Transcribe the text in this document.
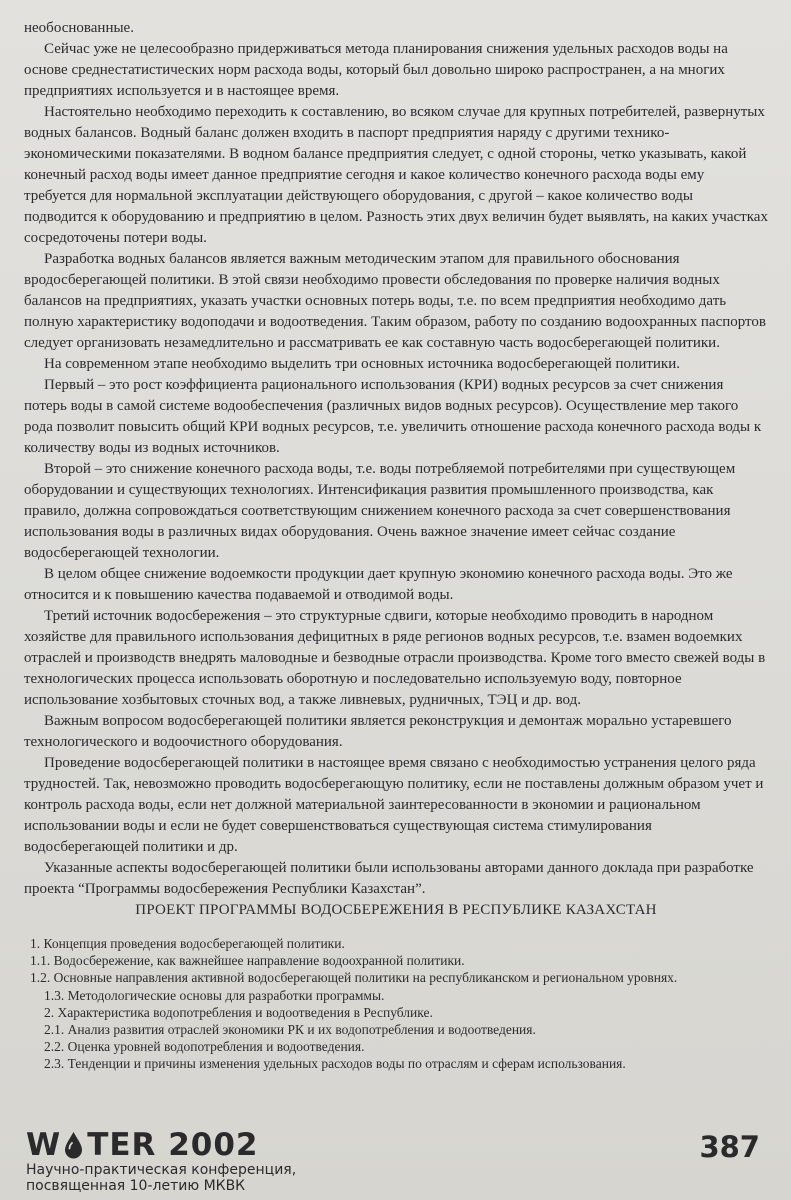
необоснованные.

Сейчас уже не целесообразно придерживаться метода планирования снижения удельных расходов воды на основе среднестатистических норм расхода воды, который был довольно широко распространен, а на многих предприятиях используется и в настоящее время.

Настоятельно необходимо переходить к составлению, во всяком случае для крупных потребителей, развернутых водных балансов. Водный баланс должен входить в паспорт предприятия наряду с другими технико-экономическими показателями. В водном балансе предприятия следует, с одной стороны, четко указывать, какой конечный расход воды имеет данное предприятие сегодня и какое количество конечного расхода воды ему требуется для нормальной эксплуатации действующего оборудования, с другой – какое количество воды подводится к оборудованию и предприятию в целом. Разность этих двух величин будет выявлять, на каких участках сосредоточены потери воды.

Разработка водных балансов является важным методическим этапом для правильного обоснования вродосберегающей политики. В этой связи необходимо провести обследования по проверке наличия водных балансов на предприятиях, указать участки основных потерь воды, т.е. по всем предприятия необходимо дать полную характеристику водоподачи и водоотведения. Таким образом, работу по созданию водоохранных паспортов следует организовать незамедлительно и рассматривать ее как составную часть водосберегающей политики.

На современном этапе необходимо выделить три основных источника водосберегающей политики.

Первый – это рост коэффициента рационального использования (КРИ) водных ресурсов за счет снижения потерь воды в самой системе водообеспечения (различных видов водных ресурсов). Осуществление мер такого рода позволит повысить общий КРИ водных ресурсов, т.е. увеличить отношение расхода конечного расхода воды к количеству воды из водных источников.

Второй – это снижение конечного расхода воды, т.е. воды потребляемой потребителями при существующем оборудовании и существующих технологиях. Интенсификация развития промышленного производства, как правило, должна сопровождаться соответствующим снижением конечного расхода за счет совершенствования использования воды в различных видах оборудования. Очень важное значение имеет сейчас создание водосберегающей технологии.

В целом общее снижение водоемкости продукции дает крупную экономию конечного расхода воды. Это же относится и к повышению качества подаваемой и отводимой воды.

Третий источник водосбережения – это структурные сдвиги, которые необходимо проводить в народном хозяйстве для правильного использования дефицитных в ряде регионов водных ресурсов, т.е. взамен водоемких отраслей и производств внедрять маловодные и безводные отрасли производства. Кроме того вместо свежей воды в технологических процесса использовать оборотную и последовательно используемую воду, повторное использование хозбытовых сточных вод, а также ливневых, рудничных, ТЭЦ и др. вод.

Важным вопросом водосберегающей политики является реконструкция и демонтаж морально устаревшего технологического и водоочистного оборудования.

Проведение водосберегающей политики в настоящее время связано с необходимостью устранения целого ряда трудностей. Так, невозможно проводить водосберегающую политику, если не поставлены должным образом учет и контроль расхода воды, если нет должной материальной заинтересованности в экономии и рациональном использовании воды и если не будет совершенствоваться существующая система стимулирования водосберегающей политики и др.

Указанные аспекты водосберегающей политики были использованы авторами данного доклада при разработке проекта “Программы водосбережения Республики Казахстан”.

ПРОЕКТ ПРОГРАММЫ ВОДОСБЕРЕЖЕНИЯ В РЕСПУБЛИКЕ КАЗАХСТАН
1. Концепция проведения водосберегающей политики.
1.1. Водосбережение, как важнейшее направление водоохранной политики.
1.2. Основные направления активной водосберегающей политики на республиканском и региональном уровнях.
1.3. Методологические основы для разработки программы.
2. Характеристика водопотребления и водоотведения в Республике.
2.1. Анализ развития отраслей экономики РК и их водопотребления и водоотведения.
2.2. Оценка уровней водопотребления и водоотведения.
2.3. Тенденции и причины изменения удельных расходов воды по отраслям и сферам использования.
W TER 2002
Научно-практическая конференция,
посвященная 10-летию МКВК
387
